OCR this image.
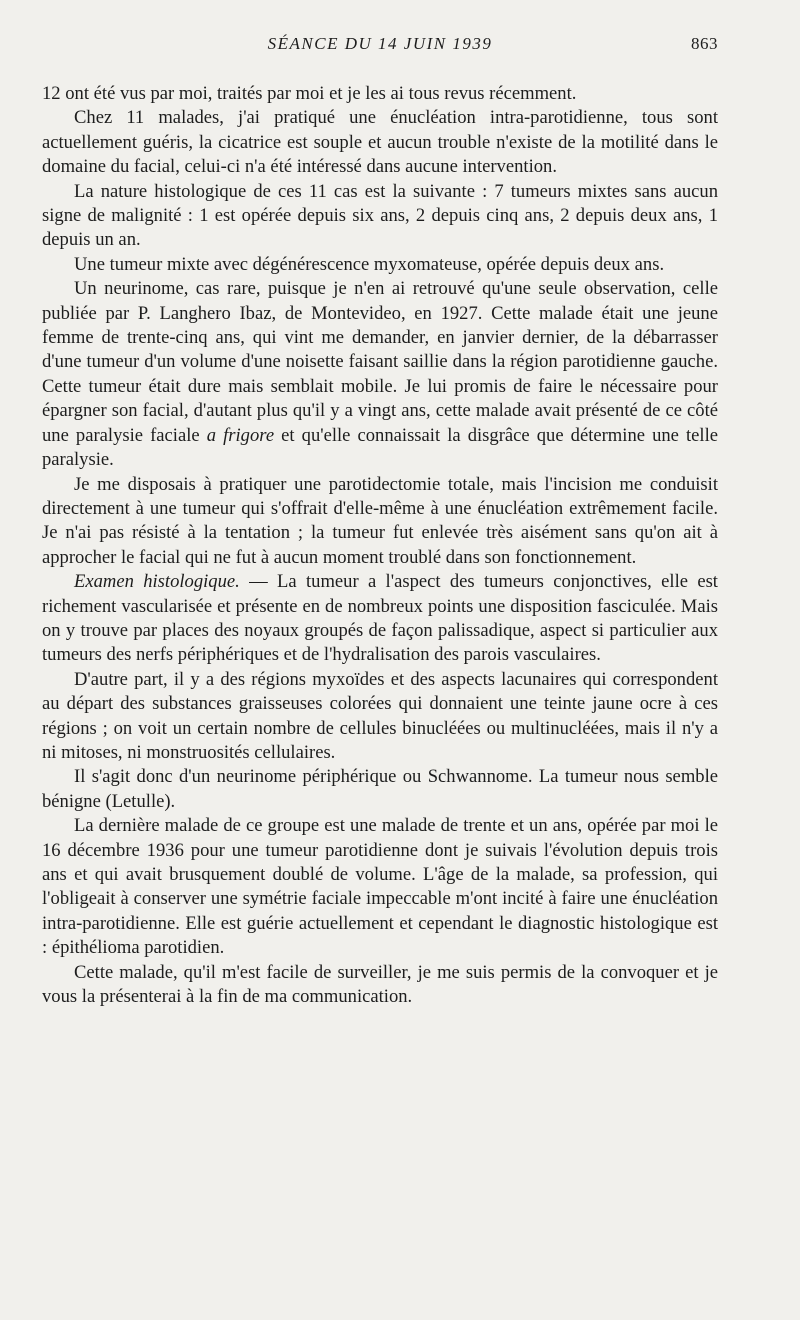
SÉANCE DU 14 JUIN 1939	863

12 ont été vus par moi, traités par moi et je les ai tous revus récemment.

Chez 11 malades, j'ai pratiqué une énucléation intra-parotidienne, tous sont actuellement guéris, la cicatrice est souple et aucun trouble n'existe de la motilité dans le domaine du facial, celui-ci n'a été intéressé dans aucune intervention.

La nature histologique de ces 11 cas est la suivante : 7 tumeurs mixtes sans aucun signe de malignité : 1 est opérée depuis six ans, 2 depuis cinq ans, 2 depuis deux ans, 1 depuis un an.

Une tumeur mixte avec dégénérescence myxomateuse, opérée depuis deux ans.

Un neurinome, cas rare, puisque je n'en ai retrouvé qu'une seule observation, celle publiée par P. Langhero Ibaz, de Montevideo, en 1927. Cette malade était une jeune femme de trente-cinq ans, qui vint me demander, en janvier dernier, de la débarrasser d'une tumeur d'un volume d'une noisette faisant saillie dans la région parotidienne gauche. Cette tumeur était dure mais semblait mobile. Je lui promis de faire le nécessaire pour épargner son facial, d'autant plus qu'il y a vingt ans, cette malade avait présenté de ce côté une paralysie faciale a frigore et qu'elle connaissait la disgrâce que détermine une telle paralysie.

Je me disposais à pratiquer une parotidectomie totale, mais l'incision me conduisit directement à une tumeur qui s'offrait d'elle-même à une énucléation extrêmement facile. Je n'ai pas résisté à la tentation ; la tumeur fut enlevée très aisément sans qu'on ait à approcher le facial qui ne fut à aucun moment troublé dans son fonctionnement.

Examen histologique. — La tumeur a l'aspect des tumeurs conjonctives, elle est richement vascularisée et présente en de nombreux points une disposition fasciculée. Mais on y trouve par places des noyaux groupés de façon palissadique, aspect si particulier aux tumeurs des nerfs périphériques et de l'hydralisation des parois vasculaires.

D'autre part, il y a des régions myxoïdes et des aspects lacunaires qui correspondent au départ des substances graisseuses colorées qui donnaient une teinte jaune ocre à ces régions ; on voit un certain nombre de cellules binucléées ou multinucléées, mais il n'y a ni mitoses, ni monstruosités cellulaires.

Il s'agit donc d'un neurinome périphérique ou Schwannome. La tumeur nous semble bénigne (Letulle).

La dernière malade de ce groupe est une malade de trente et un ans, opérée par moi le 16 décembre 1936 pour une tumeur parotidienne dont je suivais l'évolution depuis trois ans et qui avait brusquement doublé de volume. L'âge de la malade, sa profession, qui l'obligeait à conserver une symétrie faciale impeccable m'ont incité à faire une énucléation intra-parotidienne. Elle est guérie actuellement et cependant le diagnostic histologique est : épithélioma parotidien.

Cette malade, qu'il m'est facile de surveiller, je me suis permis de la convoquer et je vous la présenterai à la fin de ma communication.
